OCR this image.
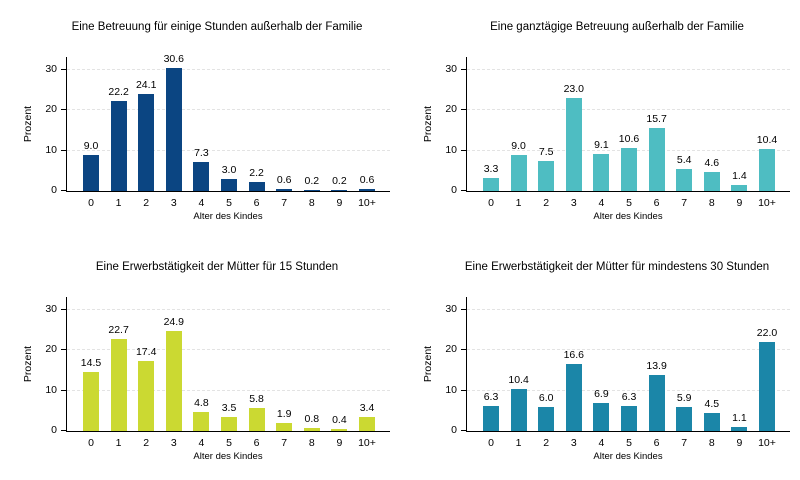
Eine Betreuung für einige Stunden außerhalb der Familie
Prozent
0
10
20
30
9.0
0
22.2
1
24.1
2
30.6
3
7.3
4
3.0
5
2.2
6
0.6
7
0.2
8
0.2
9
0.6
10+
Alter des Kindes
Eine ganztägige Betreuung außerhalb der Familie
Prozent
0
10
20
30
3.3
0
9.0
1
7.5
2
23.0
3
9.1
4
10.6
5
15.7
6
5.4
7
4.6
8
1.4
9
10.4
10+
Alter des Kindes
Eine Erwerbstätigkeit der Mütter für 15 Stunden
Prozent
0
10
20
30
14.5
0
22.7
1
17.4
2
24.9
3
4.8
4
3.5
5
5.8
6
1.9
7
0.8
8
0.4
9
3.4
10+
Alter des Kindes
Eine Erwerbstätigkeit der Mütter für mindestens 30 Stunden
Prozent
0
10
20
30
6.3
0
10.4
1
6.0
2
16.6
3
6.9
4
6.3
5
13.9
6
5.9
7
4.5
8
1.1
9
22.0
10+
Alter des Kindes
